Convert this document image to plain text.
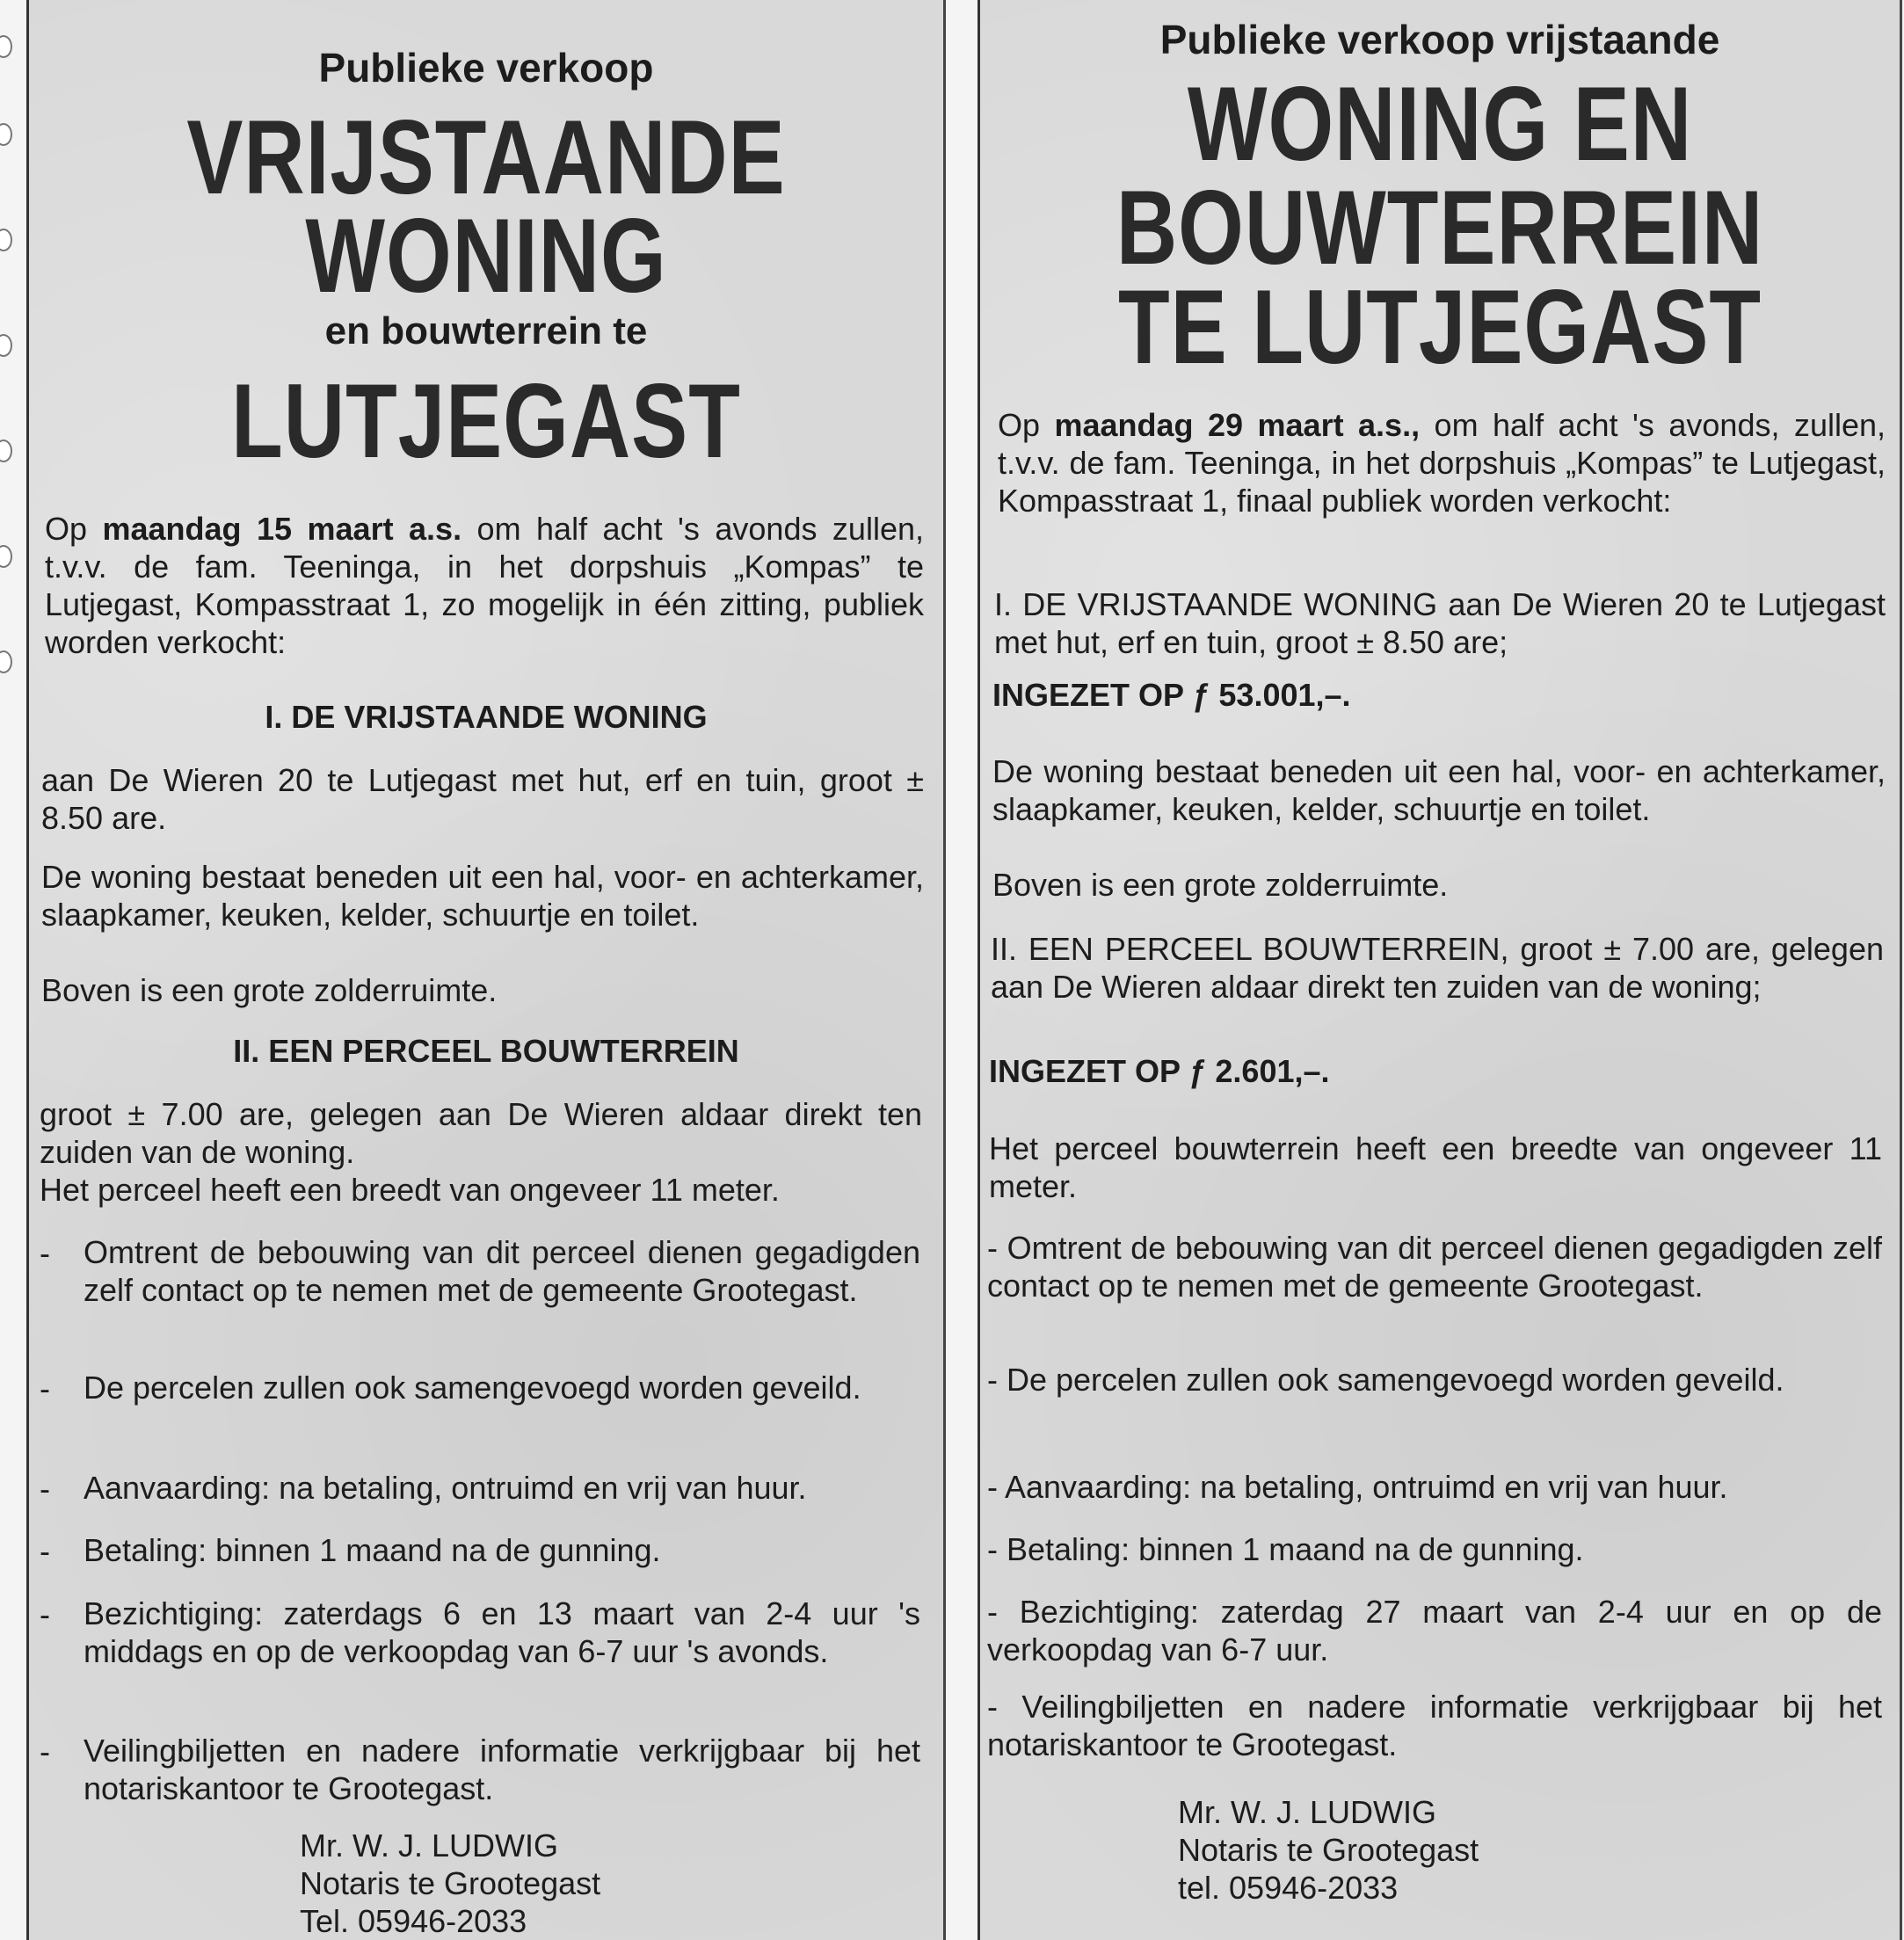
Publieke verkoop
VRIJSTAANDE
WONING
en bouwterrein te
LUTJEGAST
Op maandag 15 maart a.s. om half acht 's avonds zullen, t.v.v. de fam. Teeninga, in het dorpshuis „Kompas” te Lutjegast, Kompasstraat 1, zo mogelijk in één zitting, publiek worden verkocht:
I. DE VRIJSTAANDE WONING
aan De Wieren 20 te Lutjegast met hut, erf en tuin, groot ± 8.50 are.
De woning bestaat beneden uit een hal, voor- en achterkamer, slaapkamer, keuken, kelder, schuurtje en toilet.
Boven is een grote zolderruimte.
II. EEN PERCEEL BOUWTERREIN
groot ± 7.00 are, gelegen aan De Wieren aldaar direkt ten zuiden van de woning.
Het perceel heeft een breedt van ongeveer 11 meter.
- Omtrent de bebouwing van dit perceel dienen gegadigden zelf contact op te nemen met de gemeente Grootegast.
- De percelen zullen ook samengevoegd worden geveild.
- Aanvaarding: na betaling, ontruimd en vrij van huur.
- Betaling: binnen 1 maand na de gunning.
- Bezichtiging: zaterdags 6 en 13 maart van 2-4 uur 's middags en op de verkoopdag van 6-7 uur 's avonds.
- Veilingbiljetten en nadere informatie verkrijgbaar bij het notariskantoor te Grootegast.
Mr. W. J. LUDWIG
Notaris te Grootegast
Tel. 05946-2033
Publieke verkoop vrijstaande
WONING EN
BOUWTERREIN
TE LUTJEGAST
Op maandag 29 maart a.s., om half acht 's avonds, zullen, t.v.v. de fam. Teeninga, in het dorpshuis „Kompas” te Lutjegast, Kompasstraat 1, finaal publiek worden verkocht:
I. DE VRIJSTAANDE WONING aan De Wieren 20 te Lutjegast met hut, erf en tuin, groot ± 8.50 are;
INGEZET OP ƒ 53.001,–.
De woning bestaat beneden uit een hal, voor- en achterkamer, slaapkamer, keuken, kelder, schuurtje en toilet.
Boven is een grote zolderruimte.
II. EEN PERCEEL BOUWTERREIN, groot ± 7.00 are, gelegen aan De Wieren aldaar direkt ten zuiden van de woning;
INGEZET OP ƒ 2.601,–.
Het perceel bouwterrein heeft een breedte van ongeveer 11 meter.
- Omtrent de bebouwing van dit perceel dienen gegadigden zelf contact op te nemen met de gemeente Grootegast.
- De percelen zullen ook samengevoegd worden geveild.
- Aanvaarding: na betaling, ontruimd en vrij van huur.
- Betaling: binnen 1 maand na de gunning.
- Bezichtiging: zaterdag 27 maart van 2-4 uur en op de verkoopdag van 6-7 uur.
- Veilingbiljetten en nadere informatie verkrijgbaar bij het notariskantoor te Grootegast.
Mr. W. J. LUDWIG
Notaris te Grootegast
tel. 05946-2033
